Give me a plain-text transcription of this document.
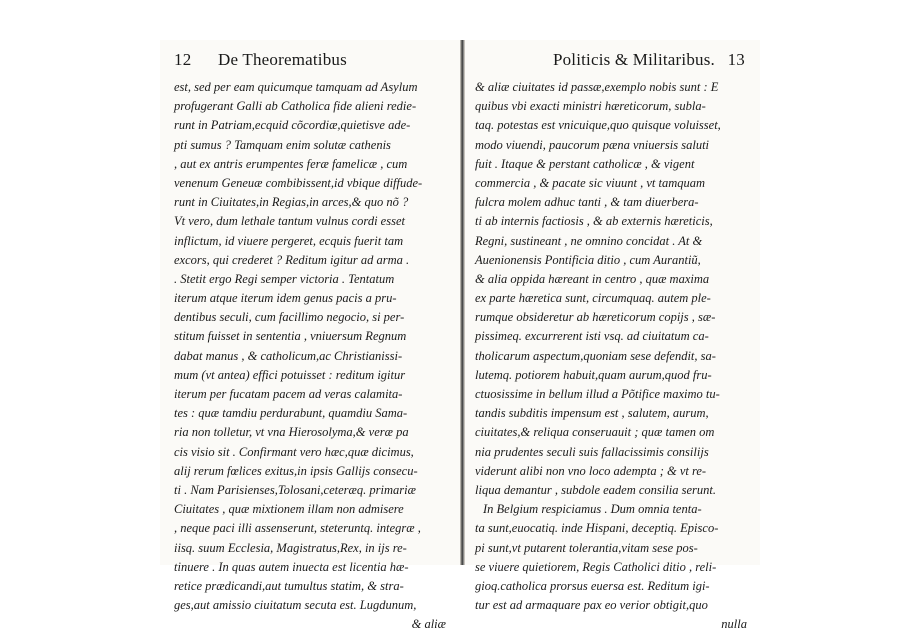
12 De Theorematibus
est, sed per eam quicumque tamquam ad Asylum
profugerant Galli ab Catholica fide alieni redie-
runt in Patriam,ecquid cõcordiæ,quietisve ade-
pti sumus ? Tamquam enim solutæ cathenis
, aut ex antris erumpentes feræ famelicæ , cum
venenum Geneuæ combibissent,id vbique diffude-
runt in Ciuitates,in Regias,in arces,& quo nõ ?
Vt vero, dum lethale tantum vulnus cordi esset
inflictum, id viuere pergeret, ecquis fuerit tam
excors, qui crederet ? Reditum igitur ad arma .
. Stetit ergo Regi semper victoria . Tentatum
iterum atque iterum idem genus pacis a pru-
dentibus seculi, cum facillimo negocio, si per-
stitum fuisset in sententia , vniuersum Regnum
dabat manus , & catholicum,ac Christianissi-
mum (vt antea) effici potuisset : reditum igitur
iterum per fucatam pacem ad veras calamita-
tes : quæ tamdiu perdurabunt, quamdiu Sama-
ria non tolletur, vt vna Hierosolyma,& veræ pa
cis visio sit . Confirmant vero hæc,quæ dicimus,
alij rerum fœlices exitus,in ipsis Gallijs consecu-
ti . Nam Parisienses,Tolosani,ceteræq. primariæ
Ciuitates , quæ mixtionem illam non admisere
, neque paci illi assenserunt, steteruntq. integræ ,
iisq. suum Ecclesia, Magistratus,Rex, in ijs re-
tinuere . In quas autem inuecta est licentia hæ-
retice prædicandi,aut tumultus statim, & stra-
ges,aut amissio ciuitatum secuta est. Lugdunum,
& aliæ
Politicis & Militaribus. 13
& aliæ ciuitates id passæ,exemplo nobis sunt : E
quibus vbi exacti ministri hæreticorum, subla-
taq. potestas est vnicuique,quo quisque voluisset,
modo viuendi, paucorum pæna vniuersis saluti
fuit . Itaque & perstant catholicæ , & vigent
commercia , & pacate sic viuunt , vt tamquam
fulcra molem adhuc tanti , & tam diuerbera-
ti ab internis factiosis , & ab externis hæreticis,
Regni, sustineant , ne omnino concidat . At &
Auenionensis Pontificia ditio , cum Aurantiũ,
& alia oppida hæreant in centro , quæ maxima
ex parte hæretica sunt, circumquaq. autem ple-
rumque obsideretur ab hæreticorum copijs , sæ-
pissimeq. excurrerent isti vsq. ad ciuitatum ca-
tholicarum aspectum,quoniam sese defendit, sa-
lutemq. potiorem habuit,quam aurum,quod fru-
ctuosissime in bellum illud a Põtifice maximo tu-
tandis subditis impensum est , salutem, aurum,
ciuitates,& reliqua conseruauit ; quæ tamen om
nia prudentes seculi suis fallacissimis consilijs
viderunt alibi non vno loco adempta ; & vt re-
liqua demantur , subdole eadem consilia serunt.
In Belgium respiciamus . Dum omnia tenta-
ta sunt,euocatiq. inde Hispani, deceptiq. Episco-
pi sunt,vt putarent tolerantia,vitam sese pos-
se viuere quietiorem, Regis Catholici ditio , reli-
gioq.catholica prorsus euersa est. Reditum igi-
tur est ad armaquare pax eo verior obtigit,quo
nulla
